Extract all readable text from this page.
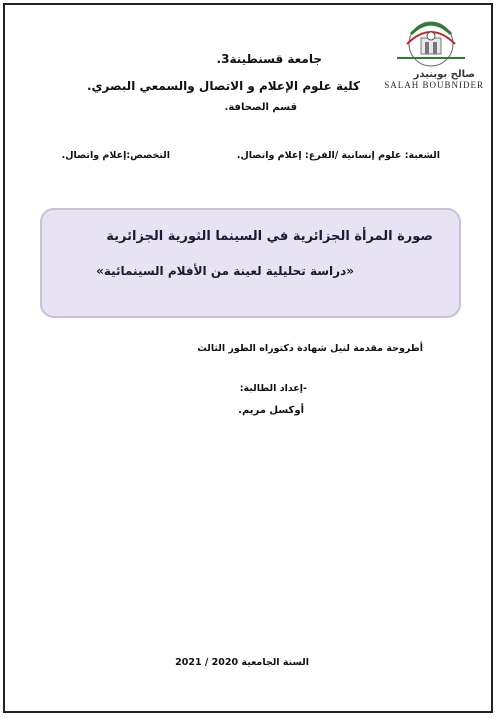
صالح بوبنيدر
SALAH BOUBNIDER
جامعة قسنطينة3.
كلية علوم الإعلام و الاتصال والسمعي البصري.
قسم الصحافة.
الشعبة: علوم إنسانية /الفرع: إعلام واتصال.
التخصص:إعلام واتصال.
صورة المرأة الجزائرية في السينما الثورية الجزائرية
«دراسة تحليلية لعينة من الأفلام السينمائية»
أطروحة مقدمة لنيل شهادة دكتوراه الطور الثالث
-إعداد الطالبة:
أوكسل مريم.
السنة الجامعية 2020 / 2021
